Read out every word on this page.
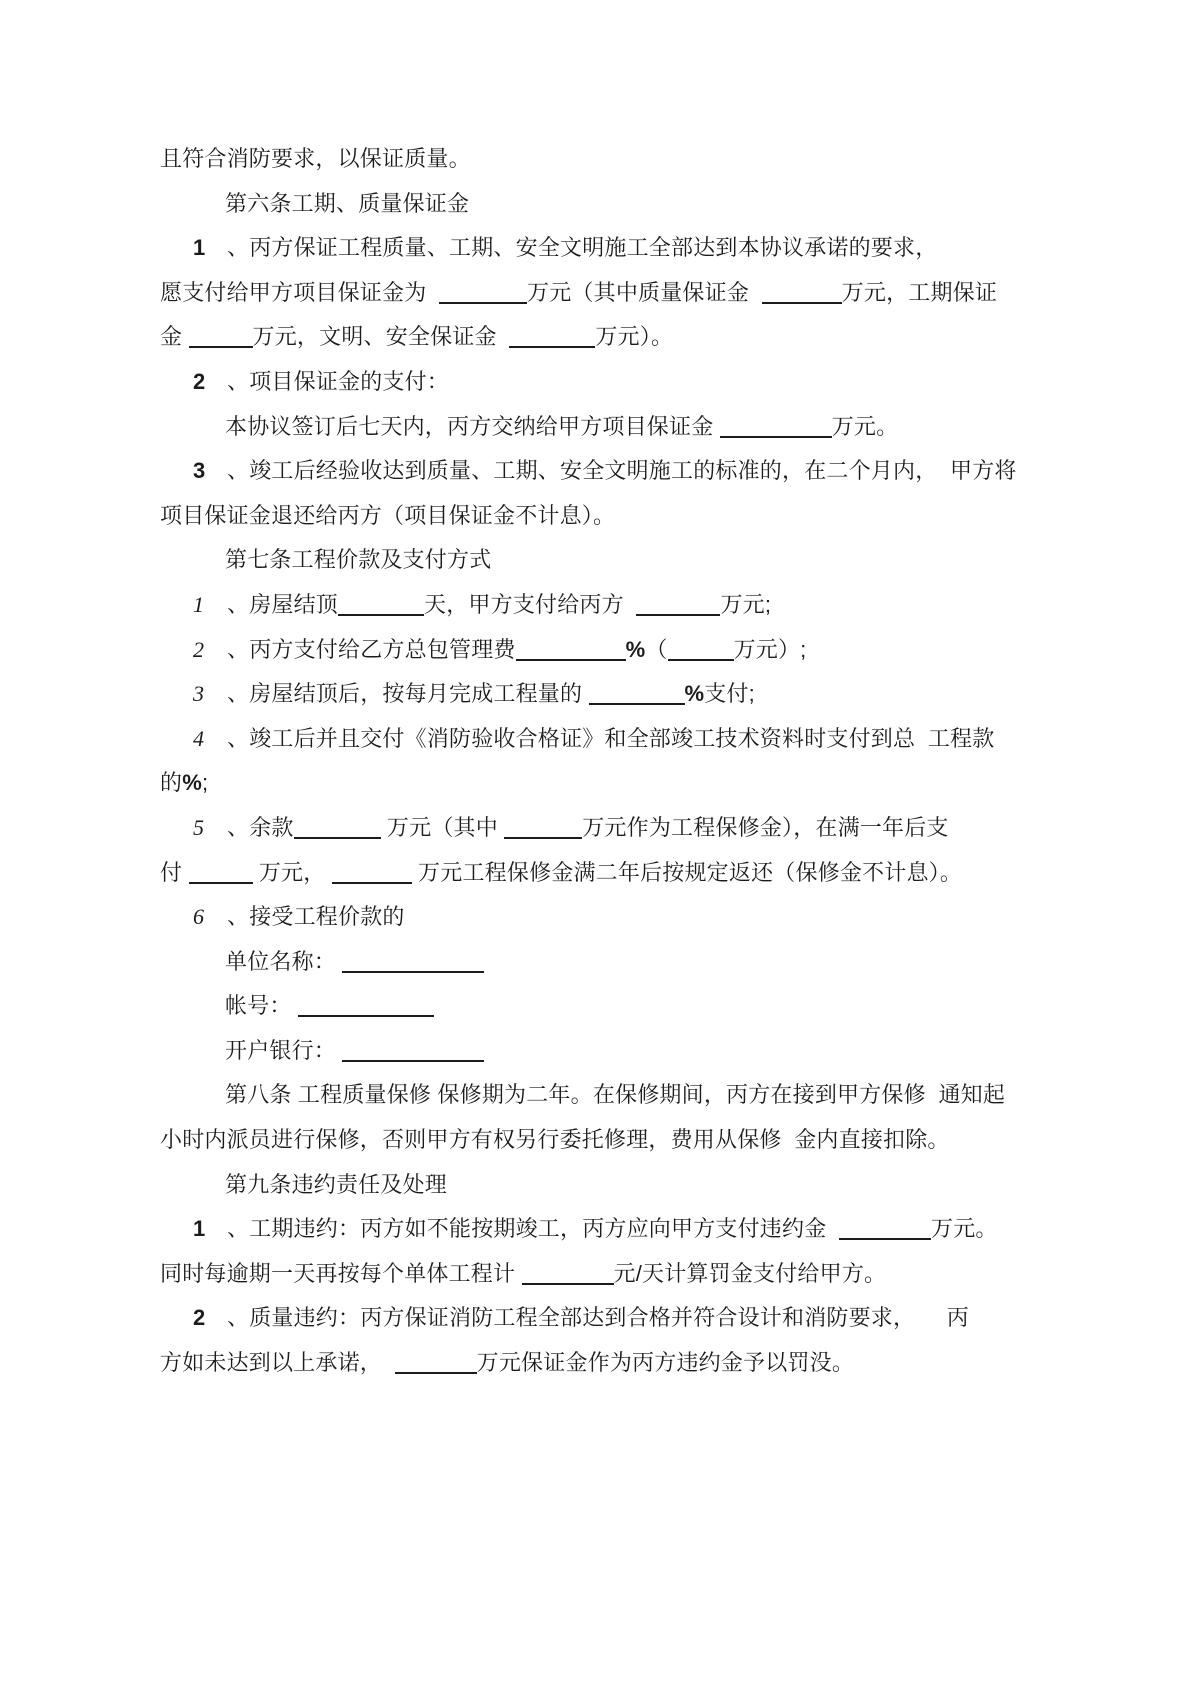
且符合消防要求，以保证质量。
第六条工期、质量保证金
1 、丙方保证工程质量、工期、安全文明施工全部达到本协议承诺的要求，
愿支付给甲方项目保证金为	万元（其中质量保证金	万元，工期保证
金	万元，文明、安全保证金	万元）。
2 、项目保证金的支付：
本协议签订后七天内，丙方交纳给甲方项目保证金	万元。
3 、竣工后经验收达到质量、工期、安全文明施工的标准的，在二个月内，  甲方将
项目保证金退还给丙方（项目保证金不计息）。
第七条工程价款及支付方式
1 、房屋结顶	天，甲方支付给丙方	万元;
2 、丙方支付给乙方总包管理费	%（	万元）;
3 、房屋结顶后，按每月完成工程量的	%支付;
4 、竣工后并且交付《消防验收合格证》和全部竣工技术资料时支付到总  工程款
的%;
5 、余款	万元（其中	万元作为工程保修金），在满一年后支
付	万元，	万元工程保修金满二年后按规定返还（保修金不计息）。
6 、接受工程价款的
单位名称：
帐号：
开户银行：
第八条 工程质量保修 保修期为二年。在保修期间，丙方在接到甲方保修  通知起
小时内派员进行保修，否则甲方有权另行委托修理，费用从保修  金内直接扣除。
第九条违约责任及处理
1 、工期违约：丙方如不能按期竣工，丙方应向甲方支付违约金	万元。
同时每逾期一天再按每个单体工程计	元/天计算罚金支付给甲方。
2 、质量违约：丙方保证消防工程全部达到合格并符合设计和消防要求，     丙
方如未达到以上承诺，	万元保证金作为丙方违约金予以罚没。
